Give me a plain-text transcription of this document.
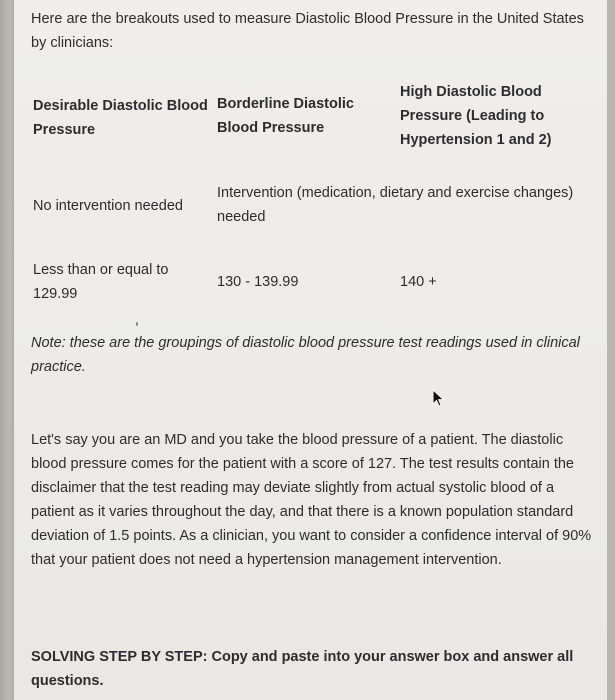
Here are the breakouts used to measure Diastolic Blood Pressure in the United States by clinicians:
Desirable Diastolic Blood Pressure
Borderline Diastolic Blood Pressure
High Diastolic Blood Pressure (Leading to Hypertension 1 and 2)
No intervention needed
Intervention (medication, dietary and exercise changes) needed
Less than or equal to 129.99
130 - 139.99	140 +
Note: these are the groupings of diastolic blood pressure test readings used in clinical practice.
Let's say you are an MD and you take the blood pressure of a patient. The diastolic blood pressure comes for the patient with a score of 127. The test results contain the disclaimer that the test reading may deviate slightly from actual systolic blood of a patient as it varies throughout the day, and that there is a known population standard deviation of 1.5 points. As a clinician, you want to consider a confidence interval of 90% that your patient does not need a hypertension management intervention.
SOLVING STEP BY STEP: Copy and paste into your answer box and answer all questions.
